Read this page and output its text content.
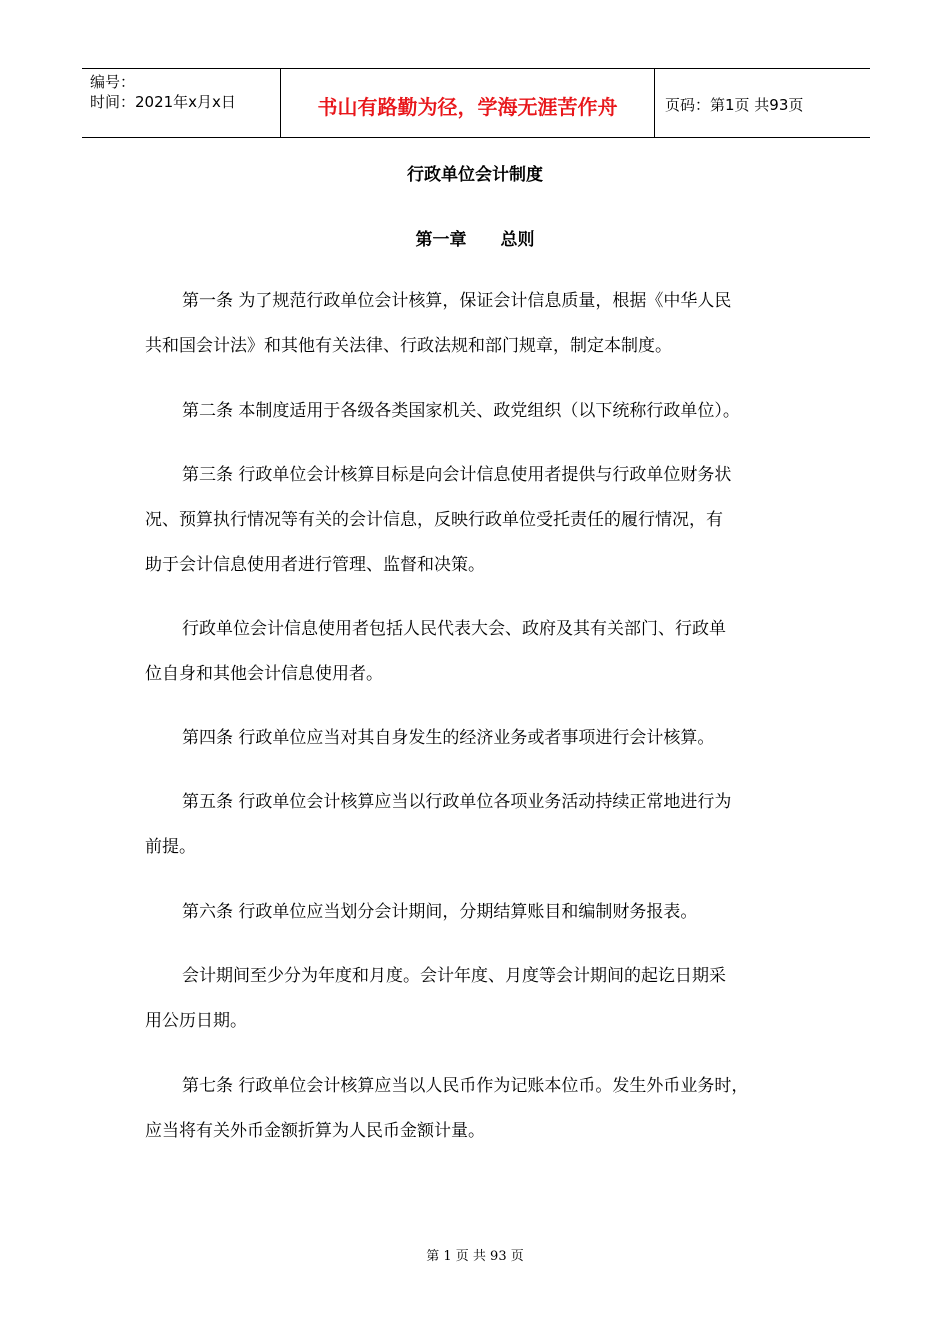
编号：
时间：2021年x月x日	书山有路勤为径，学海无涯苦作舟	页码：第1页 共93页
行政单位会计制度
第一章　　总则
第一条 为了规范行政单位会计核算，保证会计信息质量，根据《中华人民
共和国会计法》和其他有关法律、行政法规和部门规章，制定本制度。
第二条 本制度适用于各级各类国家机关、政党组织（以下统称行政单位）。
第三条 行政单位会计核算目标是向会计信息使用者提供与行政单位财务状
况、预算执行情况等有关的会计信息，反映行政单位受托责任的履行情况，有
助于会计信息使用者进行管理、监督和决策。
行政单位会计信息使用者包括人民代表大会、政府及其有关部门、行政单
位自身和其他会计信息使用者。
第四条 行政单位应当对其自身发生的经济业务或者事项进行会计核算。
第五条 行政单位会计核算应当以行政单位各项业务活动持续正常地进行为
前提。
第六条 行政单位应当划分会计期间，分期结算账目和编制财务报表。
会计期间至少分为年度和月度。会计年度、月度等会计期间的起讫日期采
用公历日期。
第七条 行政单位会计核算应当以人民币作为记账本位币。发生外币业务时，
应当将有关外币金额折算为人民币金额计量。
第 1 页 共 93 页
